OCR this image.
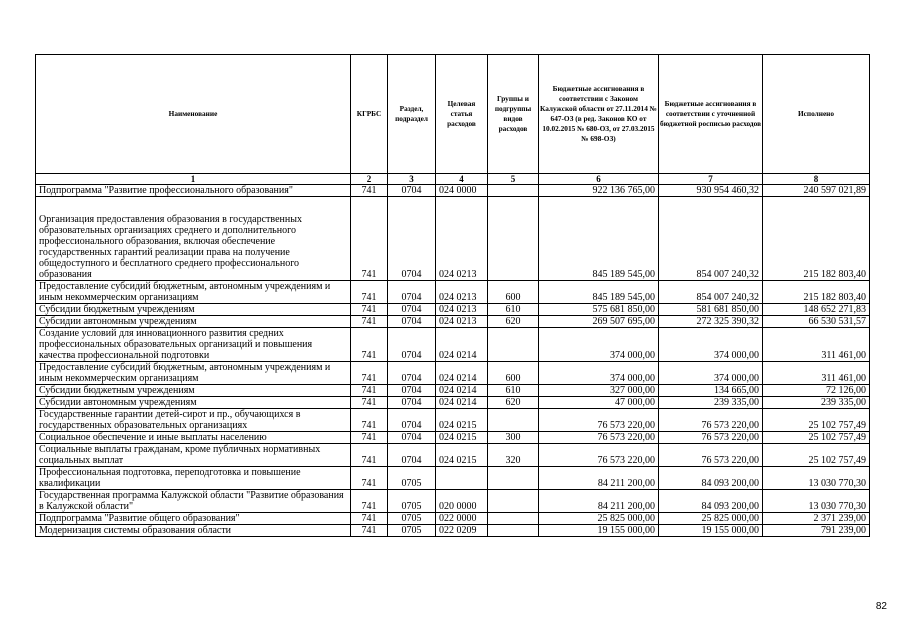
Наименование	КГРБС	Раздел, подраздел	Целевая статья расходов	Группы и подгруппы видов расходов	Бюджетные ассигнования в соответствии с Законом Калужской области от 27.11.2014 № 647-ОЗ (в ред. Законов КО от 10.02.2015 № 680-ОЗ, от 27.03.2015 № 698-ОЗ)	Бюджетные ассигнования в соответствии с уточненной бюджетной росписью расходов	Исполнено
1	2	3	4	5	6	7	8
Подпрограмма "Развитие профессионального образования"	741	0704	024 0000		922 136 765,00	930 954 460,32	240 597 021,89
Организация предоставления образования в государственных образовательных организациях среднего и дополнительного профессионального образования, включая обеспечение государственных гарантий реализации права на получение общедоступного и бесплатного среднего профессионального образования	741	0704	024 0213		845 189 545,00	854 007 240,32	215 182 803,40
Предоставление субсидий бюджетным, автономным учреждениям и иным некоммерческим организациям	741	0704	024 0213	600	845 189 545,00	854 007 240,32	215 182 803,40
Субсидии бюджетным учреждениям	741	0704	024 0213	610	575 681 850,00	581 681 850,00	148 652 271,83
Субсидии автономным учреждениям	741	0704	024 0213	620	269 507 695,00	272 325 390,32	66 530 531,57
Создание условий для инновационного развития средних профессиональных образовательных организаций и повышения качества профессиональной подготовки	741	0704	024 0214		374 000,00	374 000,00	311 461,00
Предоставление субсидий бюджетным, автономным учреждениям и иным некоммерческим организациям	741	0704	024 0214	600	374 000,00	374 000,00	311 461,00
Субсидии бюджетным учреждениям	741	0704	024 0214	610	327 000,00	134 665,00	72 126,00
Субсидии автономным учреждениям	741	0704	024 0214	620	47 000,00	239 335,00	239 335,00
Государственные гарантии детей-сирот и пр., обучающихся в государственных образовательных организациях	741	0704	024 0215		76 573 220,00	76 573 220,00	25 102 757,49
Социальное обеспечение и иные выплаты населению	741	0704	024 0215	300	76 573 220,00	76 573 220,00	25 102 757,49
Социальные выплаты гражданам, кроме публичных нормативных социальных выплат	741	0704	024 0215	320	76 573 220,00	76 573 220,00	25 102 757,49
Профессиональная подготовка, переподготовка и повышение квалификации	741	0705			84 211 200,00	84 093 200,00	13 030 770,30
Государственная программа Калужской области "Развитие образования в Калужской области"	741	0705	020 0000		84 211 200,00	84 093 200,00	13 030 770,30
Подпрограмма "Развитие общего образования"	741	0705	022 0000		25 825 000,00	25 825 000,00	2 371 239,00
Модернизация системы образования области	741	0705	022 0209		19 155 000,00	19 155 000,00	791 239,00
82
